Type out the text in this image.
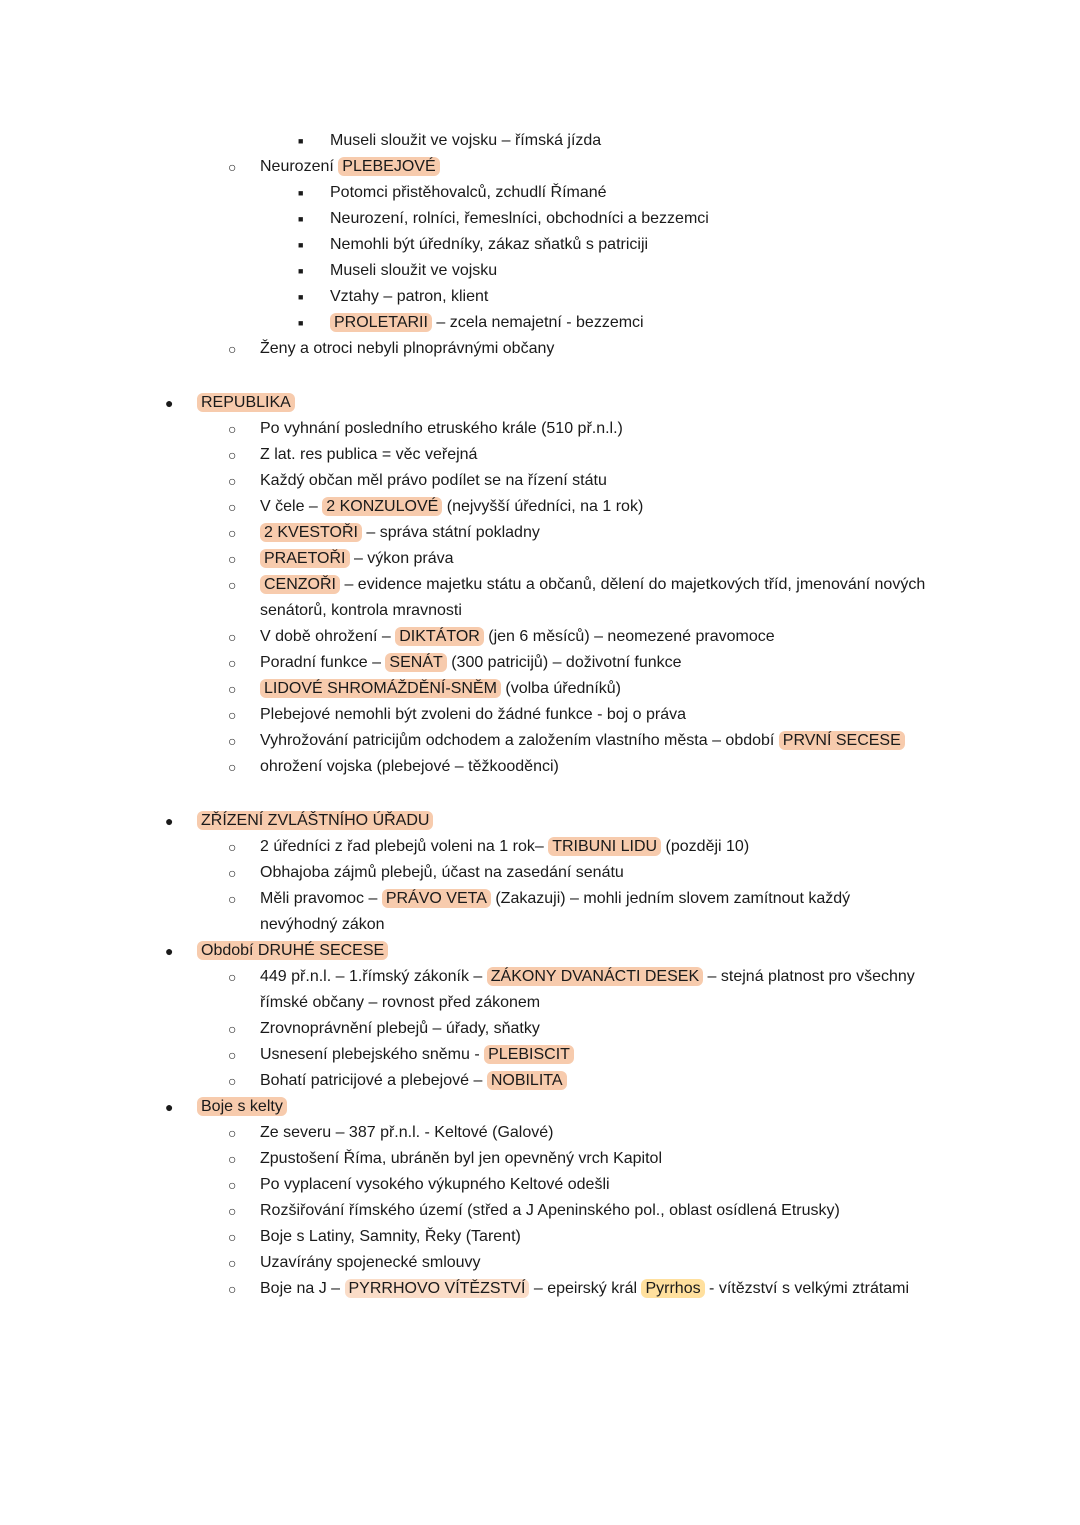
■	Museli sloužit ve vojsku – římská jízda
○	Neurození PLEBEJOVÉ
■	Potomci přistěhovalců, zchudlí Římané
■	Neurození, rolníci, řemeslníci, obchodníci a bezzemci
■	Nemohli být úředníky, zákaz sňatků s patriciji
■	Museli sloužit ve vojsku
■	Vztahy – patron, klient
■	PROLETARII – zcela nemajetní - bezzemci
○	Ženy a otroci nebyli plnoprávnými občany
●	REPUBLIKA
○	Po vyhnání posledního etruského krále (510 př.n.l.)
○	Z lat. res publica = věc veřejná
○	Každý občan měl právo podílet se na řízení státu
○	V čele – 2 KONZULOVÉ (nejvyšší úředníci, na 1 rok)
○	2 KVESTOŘI – správa státní pokladny
○	PRAETOŘI – výkon práva
○	CENZOŘI – evidence majetku státu a občanů, dělení do majetkových tříd, jmenování nových senátorů, kontrola mravnosti
○	V době ohrožení – DIKTÁTOR (jen 6 měsíců) – neomezené pravomoce
○	Poradní funkce – SENÁT (300 patricijů) – doživotní funkce
○	LIDOVÉ SHROMÁŽDĚNÍ-SNĚM (volba úředníků)
○	Plebejové nemohli být zvoleni do žádné funkce - boj o práva
○	Vyhrožování patricijům odchodem a založením vlastního města – období PRVNÍ SECESE
○	ohrožení vojska (plebejové – těžkooděnci)
●	ZŘÍZENÍ ZVLÁŠTNÍHO ÚŘADU
○	2 úředníci z řad plebejů voleni na 1 rok– TRIBUNI LIDU (později 10)
○	Obhajoba zájmů plebejů, účast na zasedání senátu
○	Měli pravomoc – PRÁVO VETA (Zakazuji) – mohli jedním slovem zamítnout každý nevýhodný zákon
●	Období DRUHÉ SECESE
○	449 př.n.l. – 1.římský zákoník – ZÁKONY DVANÁCTI DESEK – stejná platnost pro všechny římské občany – rovnost před zákonem
○	Zrovnoprávnění plebejů – úřady, sňatky
○	Usnesení plebejského sněmu - PLEBISCIT
○	Bohatí patricijové a plebejové – NOBILITA
●	Boje s kelty
○	Ze severu – 387 př.n.l. - Keltové (Galové)
○	Zpustošení Říma, ubráněn byl jen opevněný vrch Kapitol
○	Po vyplacení vysokého výkupného Keltové odešli
○	Rozšiřování římského území (střed a J Apeninského pol., oblast osídlená Etrusky)
○	Boje s Latiny, Samnity, Řeky (Tarent)
○	Uzavírány spojenecké smlouvy
○	Boje na J – PYRRHOVO VÍTĚZSTVÍ – epeirský král Pyrrhos - vítězství s velkými ztrátami
